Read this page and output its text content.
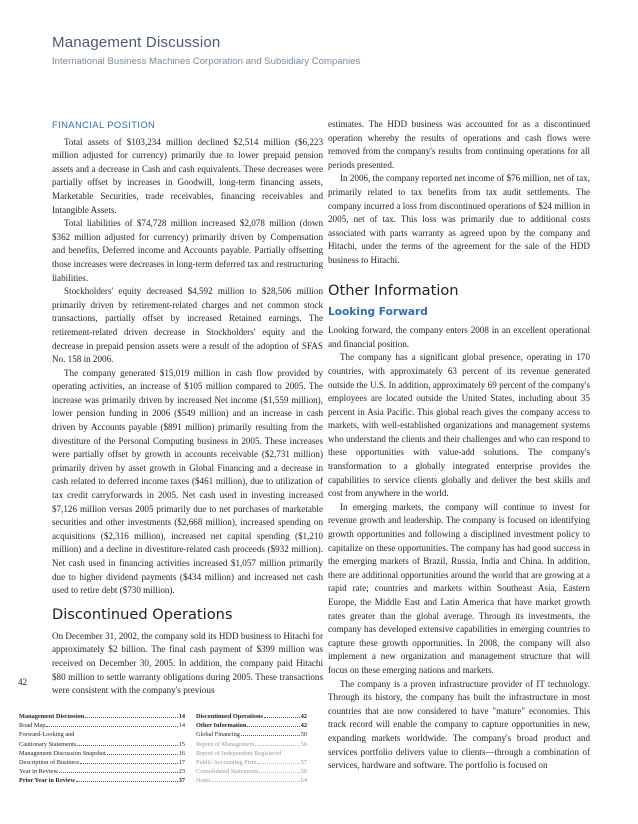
Management Discussion
International Business Machines Corporation and Subsidiary Companies
FINANCIAL POSITION

Total assets of $103,234 million declined $2,514 million ($6,223 million adjusted for currency) primarily due to lower prepaid pension assets and a decrease in Cash and cash equivalents. These decreases were partially offset by increases in Goodwill, long-term financing assets, Marketable Securities, trade receivables, financing receivables and Intangible Assets.

Total liabilities of $74,728 million increased $2,078 million (down $362 million adjusted for currency) primarily driven by Compensation and benefits, Deferred income and Accounts payable. Partially offsetting those increases were decreases in long-term deferred tax and restructuring liabilities.

Stockholders' equity decreased $4,592 million to $28,506 million primarily driven by retirement-related charges and net common stock transactions, partially offset by increased Retained earnings. The retirement-related driven decrease in Stockholders' equity and the decrease in prepaid pension assets were a result of the adoption of SFAS No. 158 in 2006.

The company generated $15,019 million in cash flow provided by operating activities, an increase of $105 million compared to 2005. The increase was primarily driven by increased Net income ($1,559 million), lower pension funding in 2006 ($549 million) and an increase in cash driven by Accounts payable ($891 million) primarily resulting from the divestiture of the Personal Computing business in 2005. These increases were partially offset by growth in accounts receivable ($2,731 million) primarily driven by asset growth in Global Financing and a decrease in cash related to deferred income taxes ($461 million), due to utilization of tax credit carryforwards in 2005. Net cash used in investing increased $7,126 million versus 2005 primarily due to net purchases of marketable securities and other investments ($2,668 million), increased spending on acquisitions ($2,316 million), increased net capital spending ($1,210 million) and a decline in divestiture-related cash proceeds ($932 million). Net cash used in financing activities increased $1,057 million primarily due to higher dividend payments ($434 million) and increased net cash used to retire debt ($730 million).

Discontinued Operations

On December 31, 2002, the company sold its HDD business to Hitachi for approximately $2 billion. The final cash payment of $399 million was received on December 30, 2005. In addition, the company paid Hitachi $80 million to settle warranty obligations during 2005. These transactions were consistent with the company's previous

estimates. The HDD business was accounted for as a discontinued operation whereby the results of operations and cash flows were removed from the company's results from continuing operations for all periods presented.

In 2006, the company reported net income of $76 million, net of tax, primarily related to tax benefits from tax audit settlements. The company incurred a loss from discontinued operations of $24 million in 2005, net of tax. This loss was primarily due to additional costs associated with parts warranty as agreed upon by the company and Hitachi, under the terms of the agreement for the sale of the HDD business to Hitachi.

Other Information
Looking Forward

Looking forward, the company enters 2008 in an excellent operational and financial position.

The company has a significant global presence, operating in 170 countries, with approximately 63 percent of its revenue generated outside the U.S. In addition, approximately 69 percent of the company's employees are located outside the United States, including about 35 percent in Asia Pacific. This global reach gives the company access to markets, with well-established organizations and management systems who understand the clients and their challenges and who can respond to these opportunities with value-add solutions. The company's transformation to a globally integrated enterprise provides the capabilities to service clients globally and deliver the best skills and cost from anywhere in the world.

In emerging markets, the company will continue to invest for revenue growth and leadership. The company is focused on identifying growth opportunities and following a disciplined investment policy to capitalize on these opportunities. The company has had good success in the emerging markets of Brazil, Russia, India and China. In addition, there are additional opportunities around the world that are growing at a rapid rate; countries and markets within Southeast Asia, Eastern Europe, the Middle East and Latin America that have market growth rates greater than the global average. Through its investments, the company has developed extensive capabilities in emerging countries to capture these growth opportunities. In 2008, the company will also implement a new organization and management structure that will focus on these emerging nations and markets.

The company is a proven infrastructure provider of IT technology. Through its history, the company has built the infrastructure in most countries that are now considered to have "mature" economies. This track record will enable the company to capture opportunities in new, expanding markets worldwide. The company's broad product and services portfolio delivers value to clients—through a combination of services, hardware and software. The portfolio is focused on

42
Management Discussion	14
Road Map	14
Forward-Looking and
Cautionary Statements	15
Management Discussion Snapshot	16
Description of Business	17
Year in Review	23
Prior Year in Review	37
Discontinued Operations	42
Other Information	42
Global Financing	50
Report of Management	56
Report of Independent Registered
Public Accounting Firm	57
Consolidated Statements	58
Notes	64
